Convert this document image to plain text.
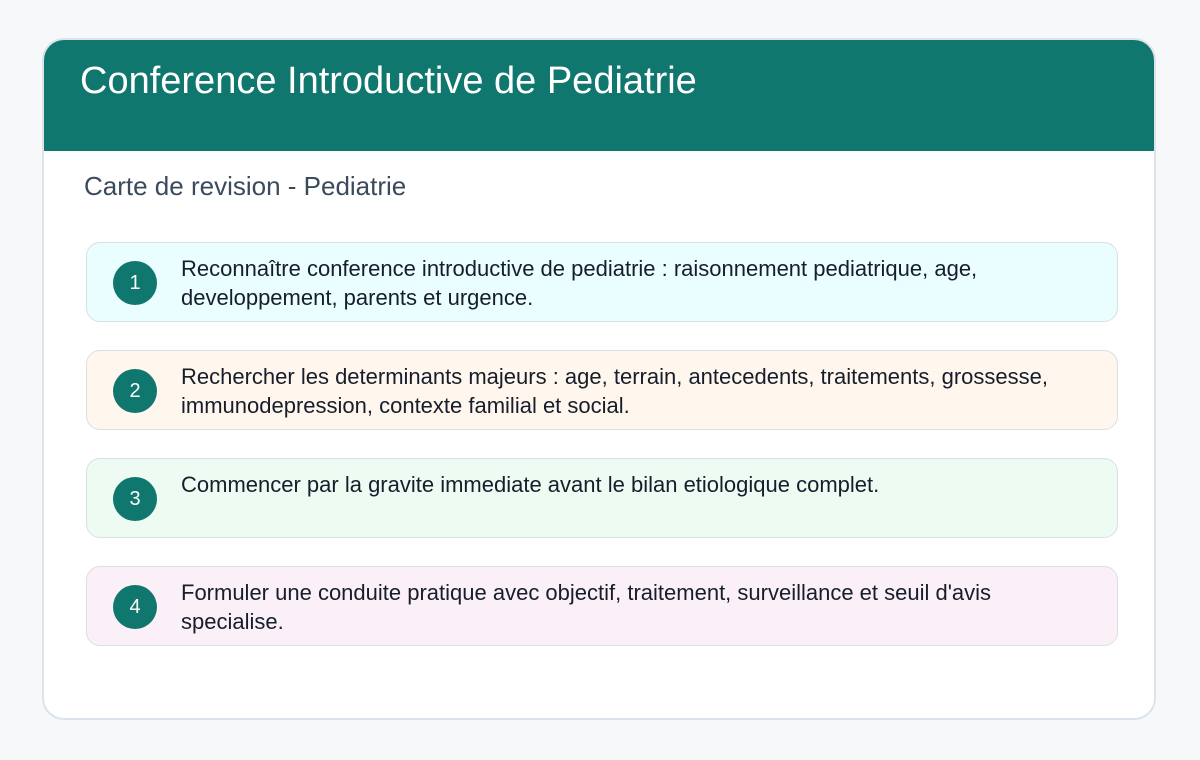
Conference Introductive de Pediatrie
Carte de revision - Pediatrie
1
Reconnaître conference introductive de pediatrie : raisonnement pediatrique, age, developpement, parents et urgence.
2
Rechercher les determinants majeurs : age, terrain, antecedents, traitements, grossesse, immunodepression, contexte familial et social.
3
Commencer par la gravite immediate avant le bilan etiologique complet.
4
Formuler une conduite pratique avec objectif, traitement, surveillance et seuil d'avis specialise.
